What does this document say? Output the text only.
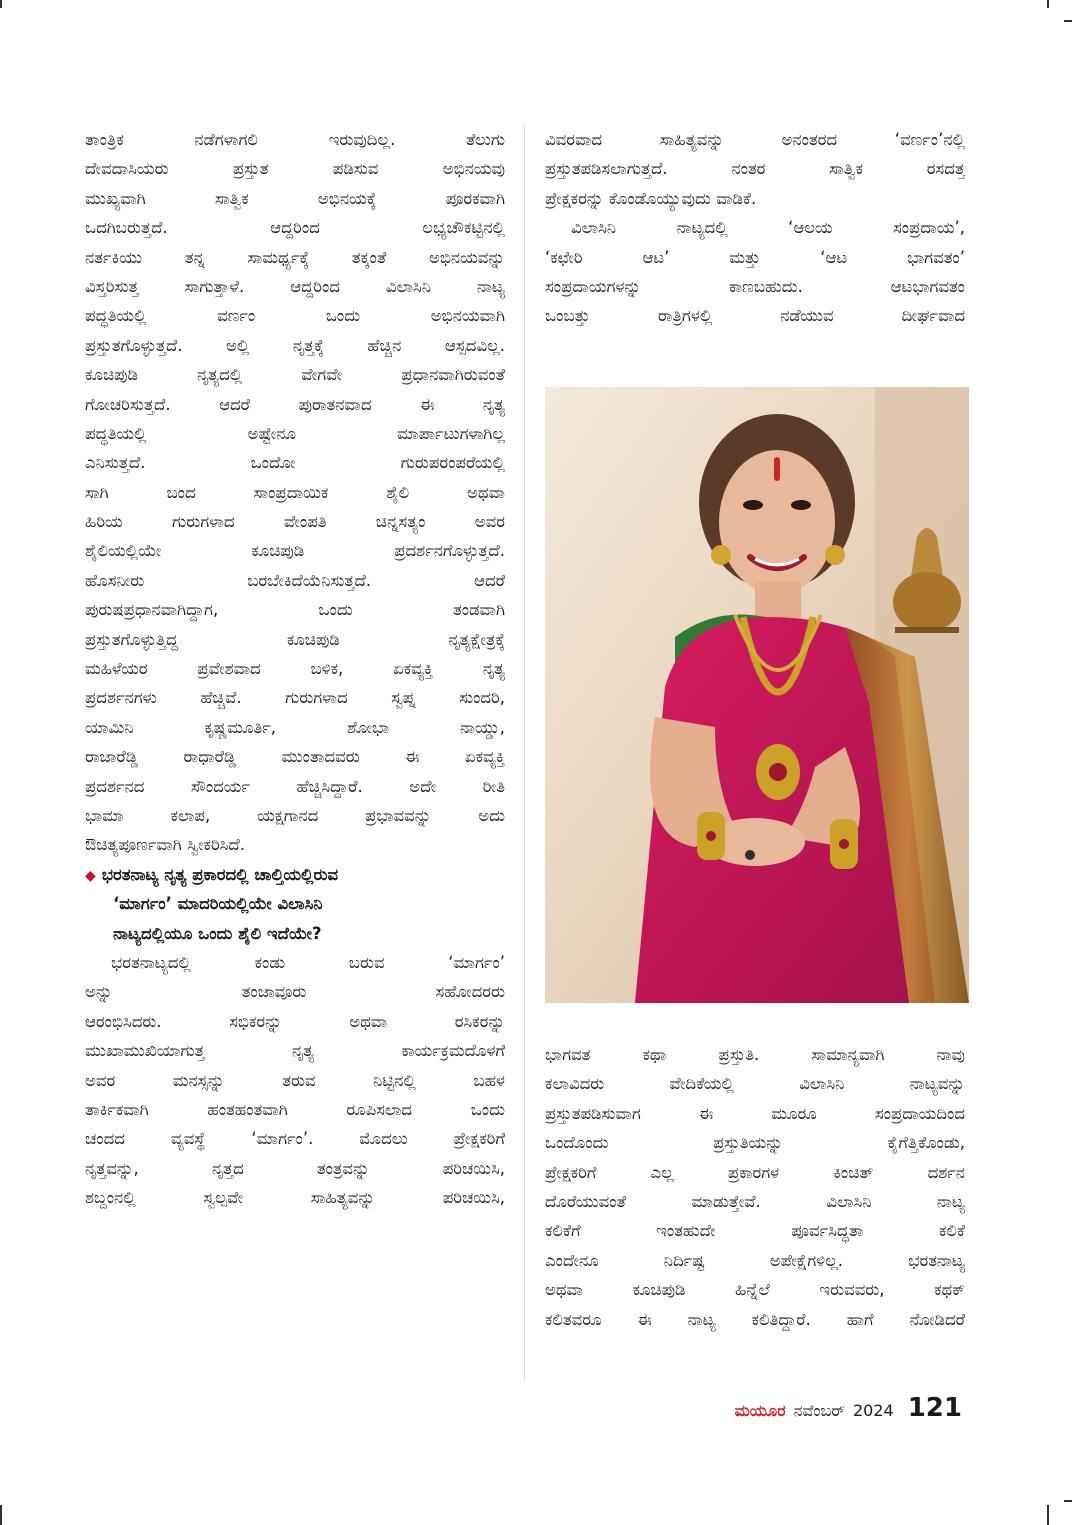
ತಾಂತ್ರಿಕ ನಡೆಗಳಾಗಲಿ ಇರುವುದಿಲ್ಲ. ತೆಲುಗು
ದೇವದಾಸಿಯರು ಪ್ರಸ್ತುತ ಪಡಿಸುವ ಅಭಿನಯವು
ಮುಖ್ಯವಾಗಿ ಸಾತ್ವಿಕ ಅಭಿನಯಕ್ಕೆ ಪೂರಕವಾಗಿ
ಒದಗಿಬರುತ್ತದೆ. ಆದ್ದರಿಂದ ಲಭ್ಯಚೌಕಟ್ಟಿನಲ್ಲಿ
ನರ್ತಕಿಯು ತನ್ನ ಸಾಮರ್ಥ್ಯಕ್ಕೆ ತಕ್ಕಂತೆ ಅಭಿನಯವನ್ನು
ವಿಸ್ತರಿಸುತ್ತ ಸಾಗುತ್ತಾಳೆ. ಆದ್ದರಿಂದ ವಿಲಾಸಿನಿ ನಾಟ್ಯ
ಪದ್ಧತಿಯಲ್ಲಿ ವರ್ಣಂ ಒಂದು ಅಭಿನಯವಾಗಿ
ಪ್ರಸ್ತುತಗೊಳ್ಳುತ್ತದೆ. ಅಲ್ಲಿ ನೃತ್ತಕ್ಕೆ ಹೆಚ್ಚಿನ ಆಸ್ಪದವಿಲ್ಲ.
ಕೂಚಿಪುಡಿ ನೃತ್ಯದಲ್ಲಿ ವೇಗವೇ ಪ್ರಧಾನವಾಗಿರುವಂತೆ
ಗೋಚರಿಸುತ್ತದೆ. ಆದರೆ ಪುರಾತನವಾದ ಈ ನೃತ್ಯ
ಪದ್ಧತಿಯಲ್ಲಿ ಅಷ್ಟೇನೂ ಮಾರ್ಪಾಟುಗಳಾಗಿಲ್ಲ
ಎನಿಸುತ್ತದೆ. ಒಂದೋ ಗುರುಪರಂಪರೆಯಲ್ಲಿ
ಸಾಗಿ ಬಂದ ಸಾಂಪ್ರದಾಯಿಕ ಶೈಲಿ ಅಥವಾ
ಹಿರಿಯ ಗುರುಗಳಾದ ವೇಂಪತಿ ಚಿನ್ನಸತ್ಯಂ ಅವರ
ಶೈಲಿಯಲ್ಲಿಯೇ ಕೂಚಿಪುಡಿ ಪ್ರದರ್ಶನಗೊಳ್ಳುತ್ತದೆ.
ಹೊಸನೀರು ಬರಬೇಕಿದೆಯೆನಿಸುತ್ತದೆ. ಆದರೆ
ಪುರುಷಪ್ರಧಾನವಾಗಿದ್ದಾಗ, ಒಂದು ತಂಡವಾಗಿ
ಪ್ರಸ್ತುತಗೊಳ್ಳುತ್ತಿದ್ದ ಕೂಚಿಪುಡಿ ನೃತ್ಯಕ್ಷೇತ್ರಕ್ಕೆ
ಮಹಿಳೆಯರ ಪ್ರವೇಶವಾದ ಬಳಿಕ, ಏಕವ್ಯಕ್ತಿ ನೃತ್ಯ
ಪ್ರದರ್ಶನಗಳು ಹೆಚ್ಚಿವೆ. ಗುರುಗಳಾದ ಸ್ವಪ್ನ ಸುಂದರಿ,
ಯಾಮಿನಿ ಕೃಷ್ಣಮೂರ್ತಿ, ಶೋಭಾ ನಾಯ್ಡು,
ರಾಜಾರೆಡ್ಡಿ ರಾಧಾರೆಡ್ಡಿ ಮುಂತಾದವರು ಈ ಏಕವ್ಯಕ್ತಿ
ಪ್ರದರ್ಶನದ ಸೌಂದರ್ಯ ಹೆಚ್ಚಿಸಿದ್ದಾರೆ. ಅದೇ ರೀತಿ
ಭಾಮಾ ಕಲಾಪ, ಯಕ್ಷಗಾನದ ಪ್ರಭಾವವನ್ನು ಅದು
ಔಚಿತ್ಯಪೂರ್ಣವಾಗಿ ಸ್ವೀಕರಿಸಿದೆ.
◆ ಭರತನಾಟ್ಯ ನೃತ್ಯ ಪ್ರಕಾರದಲ್ಲಿ ಚಾಲ್ತಿಯಲ್ಲಿರುವ
‘ಮಾರ್ಗಂ’ ಮಾದರಿಯಲ್ಲಿಯೇ ವಿಲಾಸಿನಿ
ನಾಟ್ಯದಲ್ಲಿಯೂ ಒಂದು ಶೈಲಿ ಇದೆಯೇ?
ಭರತನಾಟ್ಯದಲ್ಲಿ ಕಂಡು ಬರುವ ‘ಮಾರ್ಗಂ’
ಅನ್ನು ತಂಜಾವೂರು ಸಹೋದರರು
ಆರಂಭಿಸಿದರು. ಸಭಿಕರನ್ನು ಅಥವಾ ರಸಿಕರನ್ನು
ಮುಖಾಮುಖಿಯಾಗುತ್ತ ನೃತ್ಯ ಕಾರ್ಯಕ್ರಮದೊಳಗೆ
ಅವರ ಮನಸ್ಸನ್ನು ತರುವ ನಿಟ್ಟಿನಲ್ಲಿ ಬಹಳ
ತಾರ್ಕಿಕವಾಗಿ ಹಂತಹಂತವಾಗಿ ರೂಪಿಸಲಾದ ಒಂದು
ಚಂದದ ವ್ಯವಸ್ಥೆ ‘ಮಾರ್ಗಂ’. ಮೊದಲು ಪ್ರೇಕ್ಷಕರಿಗೆ
ನೃತ್ತವನ್ನು, ನೃತ್ತದ ತಂತ್ರವನ್ನು ಪರಿಚಯಿಸಿ,
ಶಬ್ದಂನಲ್ಲಿ ಸ್ವಲ್ಪವೇ ಸಾಹಿತ್ಯವನ್ನು ಪರಿಚಯಿಸಿ,
ವಿವರವಾದ ಸಾಹಿತ್ಯವನ್ನು ಅನಂತರದ ‘ವರ್ಣಂ’ನಲ್ಲಿ
ಪ್ರಸ್ತುತಪಡಿಸಲಾಗುತ್ತದೆ. ನಂತರ ಸಾತ್ವಿಕ ರಸದತ್ತ
ಪ್ರೇಕ್ಷಕರನ್ನು ಕೊಂಡೊಯ್ಯುವುದು ವಾಡಿಕೆ.
ವಿಲಾಸಿನಿ ನಾಟ್ಯದಲ್ಲಿ ‘ಆಲಯ ಸಂಪ್ರದಾಯ’,
‘ಕಛೇರಿ ಆಟ’ ಮತ್ತು ‘ಆಟ ಭಾಗವತಂ’
ಸಂಪ್ರದಾಯಗಳನ್ನು ಕಾಣಬಹುದು. ಆಟಭಾಗವತಂ
ಒಂಬತ್ತು ರಾತ್ರಿಗಳಲ್ಲಿ ನಡೆಯುವ ದೀರ್ಘವಾದ
ಭಾಗವತ ಕಥಾ ಪ್ರಸ್ತುತಿ. ಸಾಮಾನ್ಯವಾಗಿ ನಾವು
ಕಲಾವಿದರು ವೇದಿಕೆಯಲ್ಲಿ ವಿಲಾಸಿನಿ ನಾಟ್ಯವನ್ನು
ಪ್ರಸ್ತುತಪಡಿಸುವಾಗ ಈ ಮೂರೂ ಸಂಪ್ರದಾಯದಿಂದ
ಒಂದೊಂದು ಪ್ರಸ್ತುತಿಯನ್ನು ಕೈಗೆತ್ತಿಕೊಂಡು,
ಪ್ರೇಕ್ಷಕರಿಗೆ ಎಲ್ಲ ಪ್ರಕಾರಗಳ ಕಿಂಚಿತ್ ದರ್ಶನ
ದೊರೆಯುವಂತೆ ಮಾಡುತ್ತೇವೆ. ವಿಲಾಸಿನಿ ನಾಟ್ಯ
ಕಲಿಕೆಗೆ ಇಂತಹುದೇ ಪೂರ್ವಸಿದ್ಧತಾ ಕಲಿಕೆ
ಎಂದೇನೂ ನಿರ್ದಿಷ್ಟ ಅಪೇಕ್ಷೆಗಳಿಲ್ಲ. ಭರತನಾಟ್ಯ
ಅಥವಾ ಕೂಚಿಪುಡಿ ಹಿನ್ನೆಲೆ ಇರುವವರು, ಕಥಕ್
ಕಲಿತವರೂ ಈ ನಾಟ್ಯ ಕಲಿತಿದ್ದಾರೆ. ಹಾಗೆ ನೋಡಿದರೆ
ಮಯೂರ ನವೆಂಬರ್ 2024 121
